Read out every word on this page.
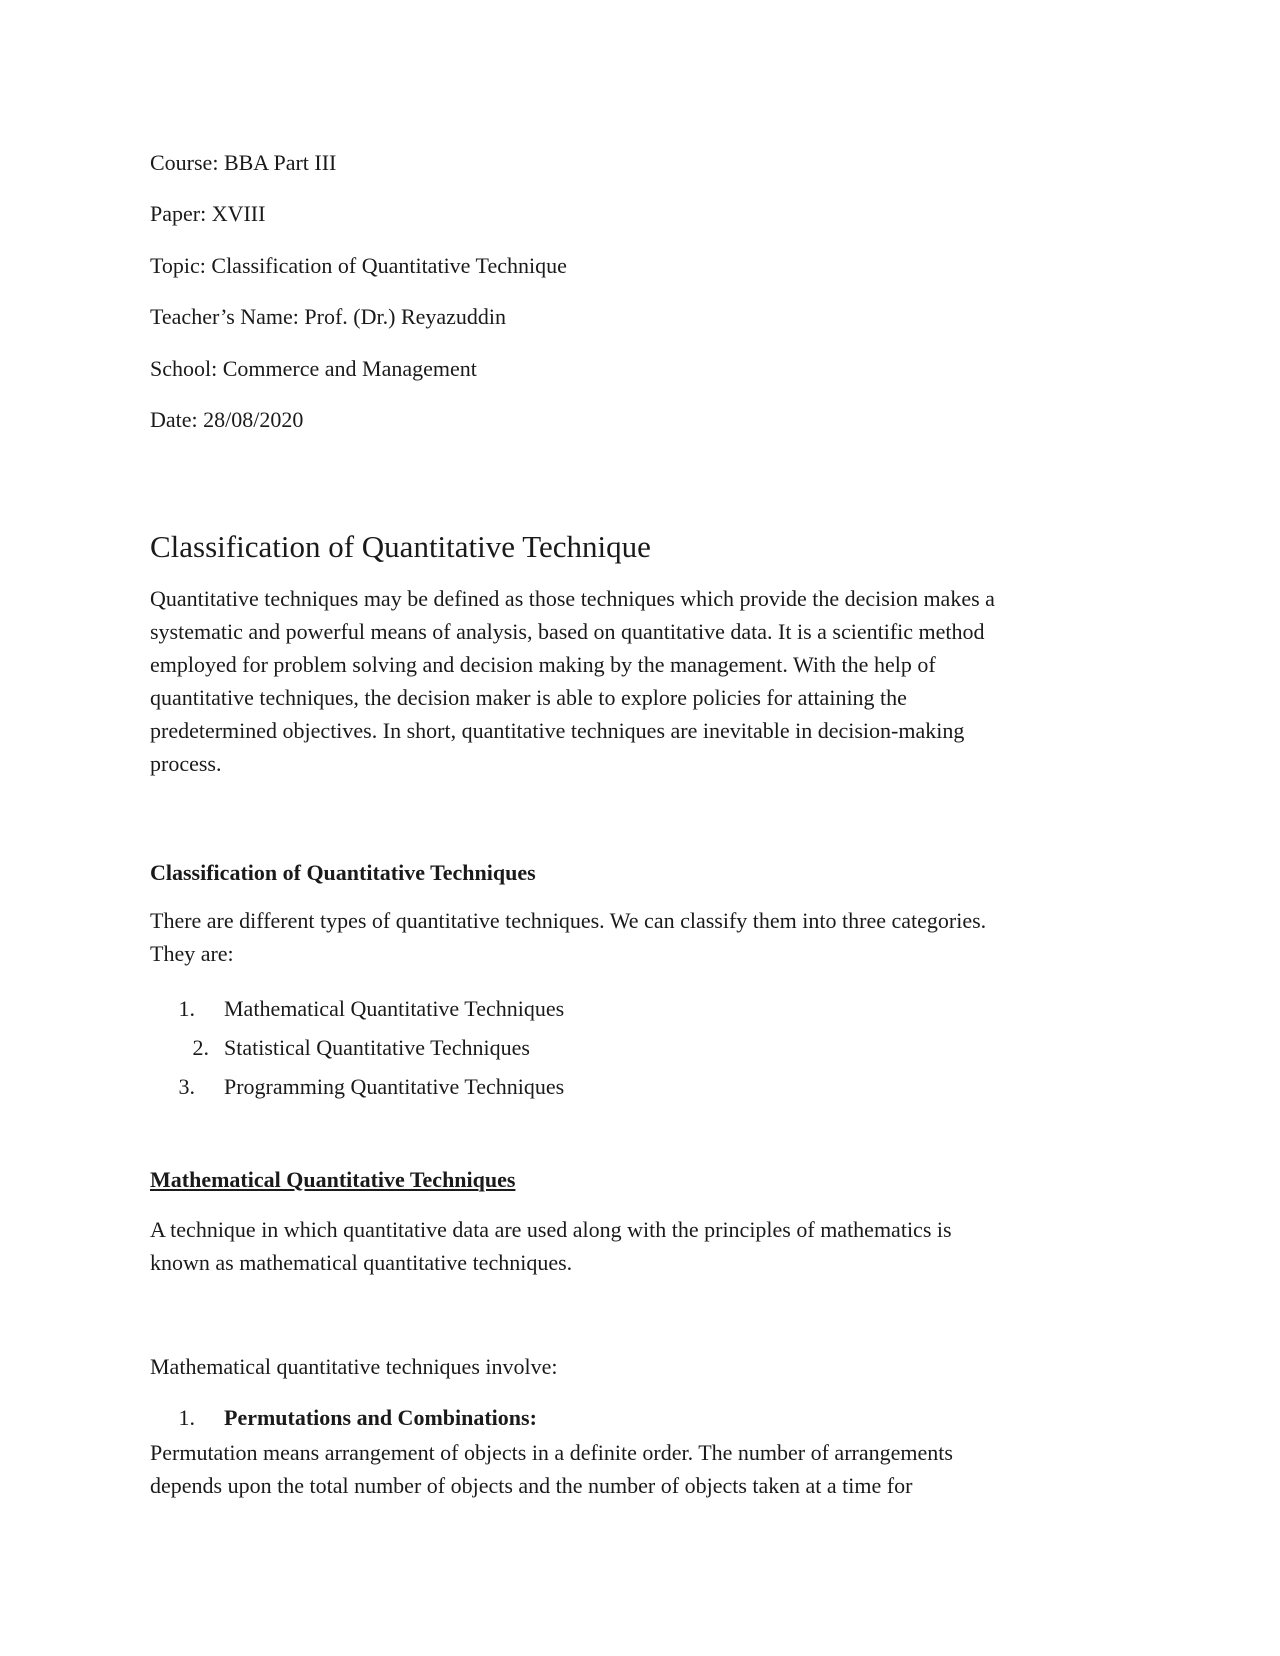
Course: BBA Part III

Paper: XVIII

Topic: Classification of Quantitative Technique

Teacher’s Name: Prof. (Dr.) Reyazuddin

School: Commerce and Management

Date: 28/08/2020

Classification of Quantitative Technique

Quantitative techniques may be defined as those techniques which provide the decision makes a
systematic and powerful means of analysis, based on quantitative data. It is a scientific method
employed for problem solving and decision making by the management. With the help of
quantitative techniques, the decision maker is able to explore policies for attaining the
predetermined objectives. In short, quantitative techniques are inevitable in decision-making
process.

Classification of Quantitative Techniques

There are different types of quantitative techniques. We can classify them into three categories.
They are:

1. Mathematical Quantitative Techniques
2. Statistical Quantitative Techniques
3. Programming Quantitative Techniques
Mathematical Quantitative Techniques

A technique in which quantitative data are used along with the principles of mathematics is
known as mathematical quantitative techniques.

Mathematical quantitative techniques involve:

1. Permutations and Combinations:

Permutation means arrangement of objects in a definite order. The number of arrangements
depends upon the total number of objects and the number of objects taken at a time for
